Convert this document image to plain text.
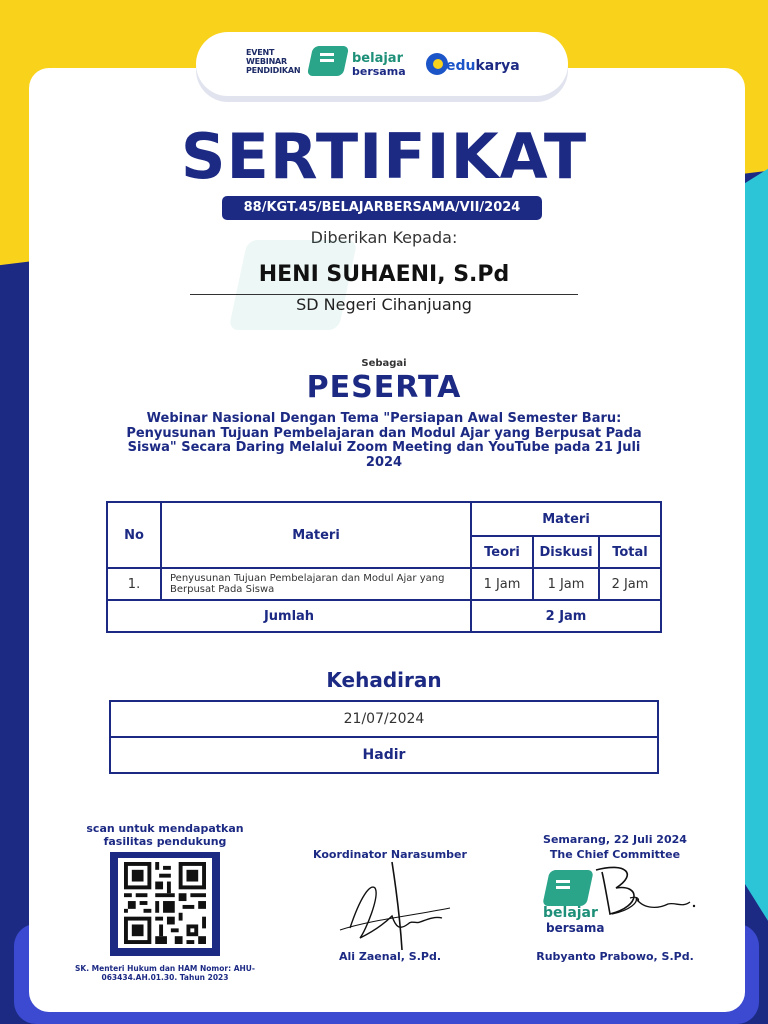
EVENT
WEBINAR
PENDIDIKAN
belajar
bersama	edukarya
SERTIFIKAT
88/KGT.45/BELAJARBERSAMA/VII/2024
Diberikan Kepada:
HENI SUHAENI, S.Pd
SD Negeri Cihanjuang
Sebagai
PESERTA
Webinar Nasional Dengan Tema "Persiapan Awal Semester Baru: Penyusunan Tujuan Pembelajaran dan Modul Ajar yang Berpusat Pada Siswa" Secara Daring Melalui Zoom Meeting dan YouTube pada 21 Juli 2024
No	Materi	Materi		
		Teori	Diskusi	Total
1.	Penyusunan Tujuan Pembelajaran dan Modul Ajar yang Berpusat Pada Siswa	1 Jam	1 Jam	2 Jam
Jumlah		2 Jam		
Kehadiran
21/07/2024
Hadir
scan untuk mendapatkan fasilitas pendukung
SK. Menteri Hukum dan HAM Nomor: AHU-063434.AH.01.30. Tahun 2023
Koordinator Narasumber
Ali Zaenal, S.Pd.
Semarang, 22 Juli 2024
The Chief Committee
belajar
bersama
Rubyanto Prabowo, S.Pd.
